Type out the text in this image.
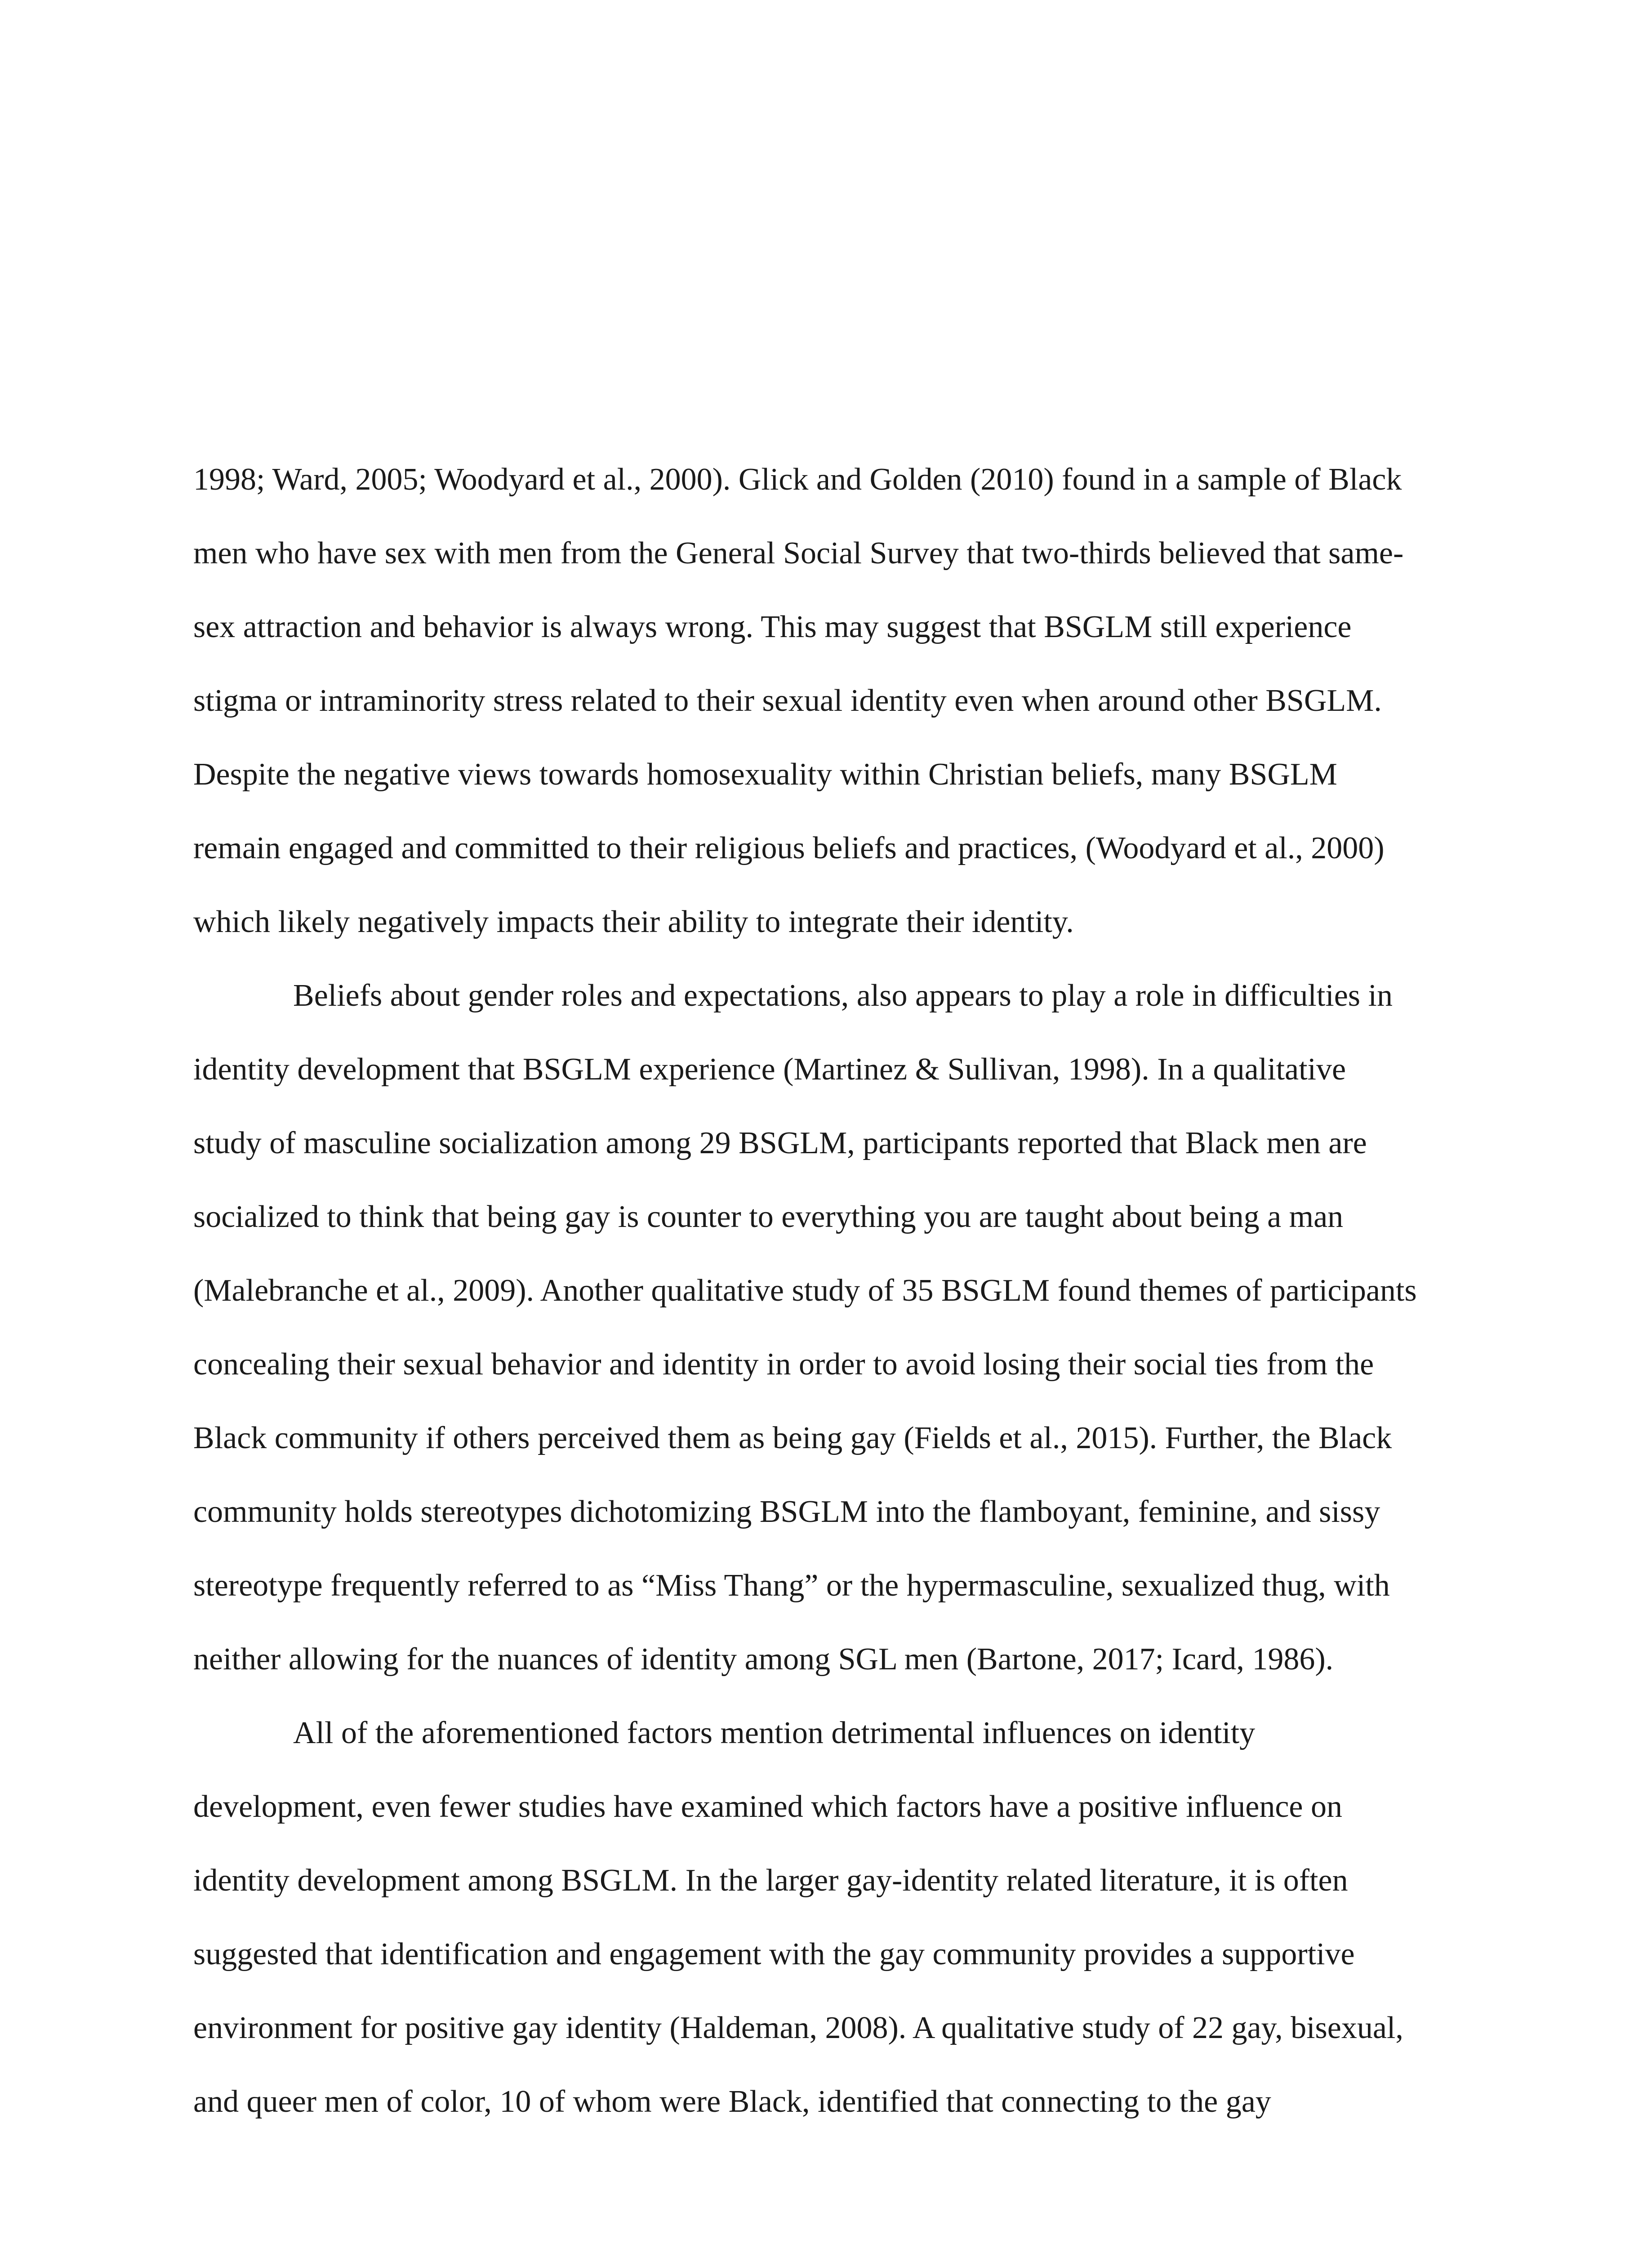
1998; Ward, 2005; Woodyard et al., 2000). Glick and Golden (2010) found in a sample of Black

men who have sex with men from the General Social Survey that two-thirds believed that same-

sex attraction and behavior is always wrong. This may suggest that BSGLM still experience

stigma or intraminority stress related to their sexual identity even when around other BSGLM.

Despite the negative views towards homosexuality within Christian beliefs, many BSGLM

remain engaged and committed to their religious beliefs and practices, (Woodyard et al., 2000)

which likely negatively impacts their ability to integrate their identity.

Beliefs about gender roles and expectations, also appears to play a role in difficulties in

identity development that BSGLM experience (Martinez & Sullivan, 1998). In a qualitative

study of masculine socialization among 29 BSGLM, participants reported that Black men are

socialized to think that being gay is counter to everything you are taught about being a man

(Malebranche et al., 2009). Another qualitative study of 35 BSGLM found themes of participants

concealing their sexual behavior and identity in order to avoid losing their social ties from the

Black community if others perceived them as being gay (Fields et al., 2015). Further, the Black

community holds stereotypes dichotomizing BSGLM into the flamboyant, feminine, and sissy

stereotype frequently referred to as “Miss Thang” or the hypermasculine, sexualized thug, with

neither allowing for the nuances of identity among SGL men (Bartone, 2017; Icard, 1986).

All of the aforementioned factors mention detrimental influences on identity

development, even fewer studies have examined which factors have a positive influence on

identity development among BSGLM. In the larger gay-identity related literature, it is often

suggested that identification and engagement with the gay community provides a supportive

environment for positive gay identity (Haldeman, 2008). A qualitative study of 22 gay, bisexual,

and queer men of color, 10 of whom were Black, identified that connecting to the gay
